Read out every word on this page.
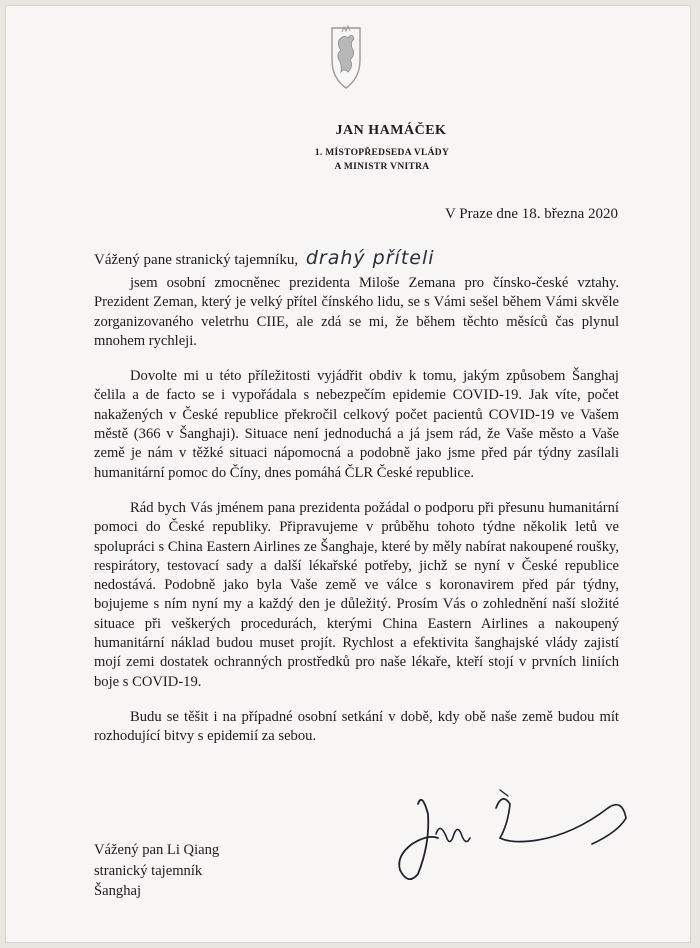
JAN HAMÁČEK
1. MÍSTOPŘEDSEDA VLÁDY
A MINISTR VNITRA
V Praze dne 18. března 2020
Vážený pane stranický tajemníku, drahý příteli

jsem osobní zmocněnec prezidenta Miloše Zemana pro čínsko-české vztahy. Prezident Zeman, který je velký přítel čínského lidu, se s Vámi sešel během Vámi skvěle zorganizovaného veletrhu CIIE, ale zdá se mi, že během těchto měsíců čas plynul mnohem rychleji.

Dovolte mi u této příležitosti vyjádřit obdiv k tomu, jakým způsobem Šanghaj čelila a de facto se i vypořádala s nebezpečím epidemie COVID-19. Jak víte, počet nakažených v České republice překročil celkový počet pacientů COVID-19 ve Vašem městě (366 v Šanghaji). Situace není jednoduchá a já jsem rád, že Vaše město a Vaše země je nám v těžké situaci nápomocná a podobně jako jsme před pár týdny zasílali humanitární pomoc do Číny, dnes pomáhá ČLR České republice.

Rád bych Vás jménem pana prezidenta požádal o podporu při přesunu humanitární pomoci do České republiky. Připravujeme v průběhu tohoto týdne několik letů ve spolupráci s China Eastern Airlines ze Šanghaje, které by měly nabírat nakoupené roušky, respirátory, testovací sady a další lékařské potřeby, jichž se nyní v České republice nedostává. Podobně jako byla Vaše země ve válce s koronavirem před pár týdny, bojujeme s ním nyní my a každý den je důležitý. Prosím Vás o zohlednění naší složité situace při veškerých procedurách, kterými China Eastern Airlines a nakoupený humanitární náklad budou muset projít. Rychlost a efektivita šanghajské vlády zajistí mojí zemi dostatek ochranných prostředků pro naše lékaře, kteří stojí v prvních liniích boje s COVID-19.

Budu se těšit i na případné osobní setkání v době, kdy obě naše země budou mít rozhodující bitvy s epidemií za sebou.

Vážený pan Li Qiang
stranický tajemník
Šanghaj
